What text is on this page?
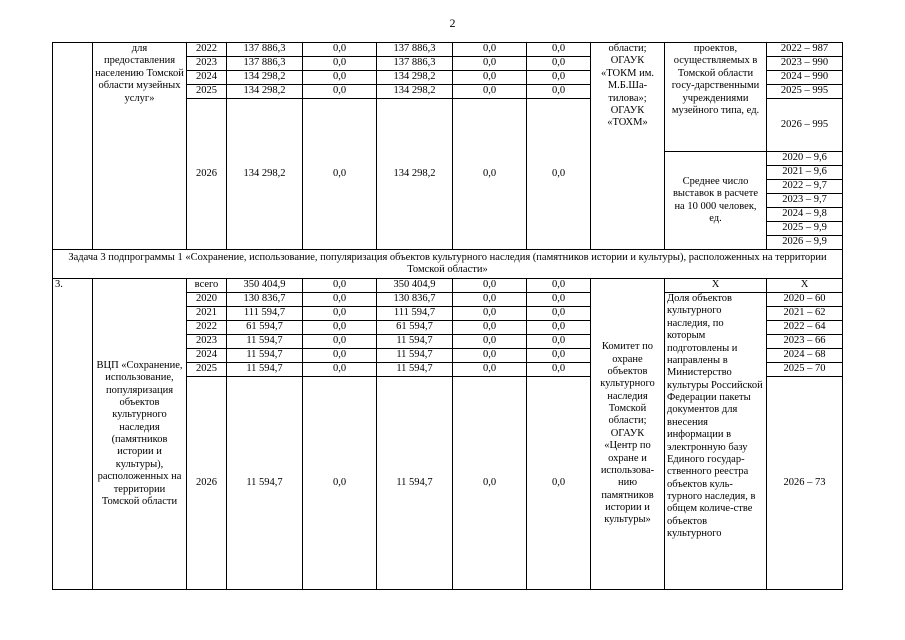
2
	для предоставления населению Томской области музейных услуг»	2022	137 886,3	0,0	137 886,3	0,0	0,0	области; ОГАУК «ТОКМ им. М.Б.Ша-тилова»; ОГАУК «ТОХМ»	проектов, осуществляемых в Томской области госу-дарственными учреждениями музейного типа, ед.	2022 – 987
		2023	137 886,3	0,0	137 886,3	0,0	0,0			2023 – 990
		2024	134 298,2	0,0	134 298,2	0,0	0,0			2024 – 990
		2025	134 298,2	0,0	134 298,2	0,0	0,0			2025 – 995
		2026	134 298,2	0,0	134 298,2	0,0	0,0			2026 – 995
									Среднее число выставок в расчете на 10 000 человек, ед.	2020 – 9,6
										2021 – 9,6
										2022 – 9,7
										2023 – 9,7
										2024 – 9,8
										2025 – 9,9
										2026 – 9,9
Задача 3 подпрограммы 1 «Сохранение, использование, популяризация объектов культурного наследия (памятников истории и культуры), расположенных на территории Томской области»										
3.	ВЦП «Сохранение, использование, популяризация объектов культурного наследия (памятников истории и культуры), расположенных на территории Томской области	всего	350 404,9	0,0	350 404,9	0,0	0,0	Комитет по охране объектов культурного наследия Томской области; ОГАУК «Центр по охране и использова-нию памятников истории и культуры»	Х	Х
		2020	130 836,7	0,0	130 836,7	0,0	0,0		Доля объектов культурного наследия, по которым подготовлены и направлены в Министерство культуры Российской Федерации пакеты документов для внесения информации в электронную базу Единого государ-ственного реестра объектов куль-турного наследия, в общем количе-стве объектов культурного	2020 – 60
		2021	111 594,7	0,0	111 594,7	0,0	0,0			2021 – 62
		2022	61 594,7	0,0	61 594,7	0,0	0,0			2022 – 64
		2023	11 594,7	0,0	11 594,7	0,0	0,0			2023 – 66
		2024	11 594,7	0,0	11 594,7	0,0	0,0			2024 – 68
		2025	11 594,7	0,0	11 594,7	0,0	0,0			2025 – 70
		2026	11 594,7	0,0	11 594,7	0,0	0,0			2026 – 73
